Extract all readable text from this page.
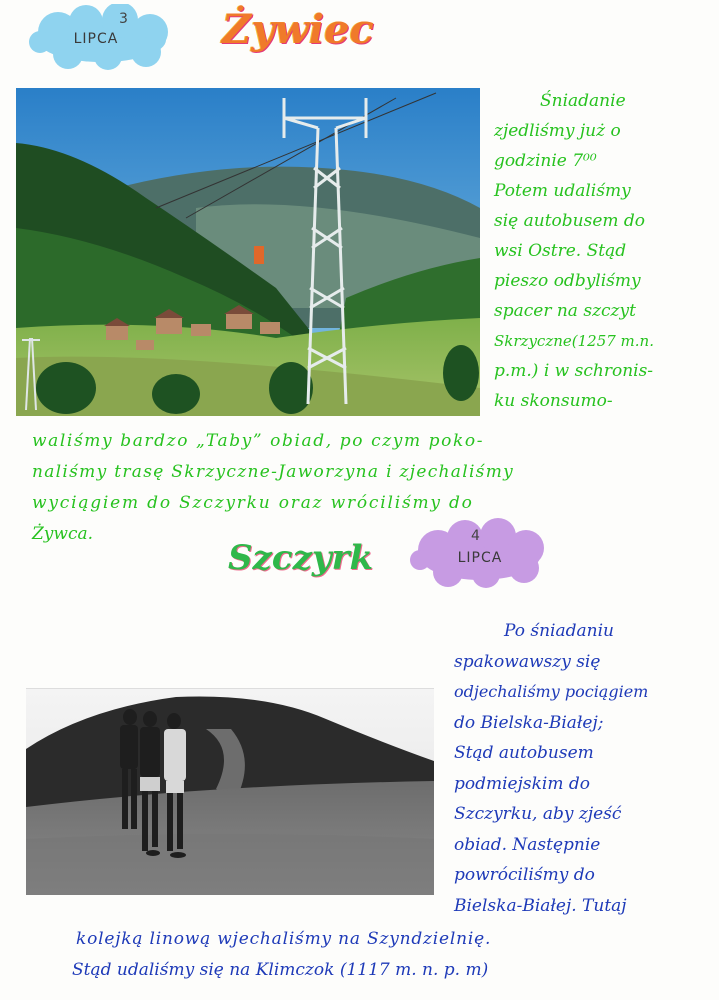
3
LIPCA	Żywiec
Śniadanie
zjedliśmy już o
godzinie 7⁰⁰
Potem udaliśmy
się autobusem do
wsi Ostre. Stąd
pieszo odbyliśmy
spacer na szczyt
Skrzyczne(1257 m.n.
p.m.) i w schronis-
ku skonsumo-
waliśmy bardzo „Taby” obiad, po czym poko-
naliśmy trasę Skrzyczne-Jaworzyna i zjechaliśmy
wyciągiem do Szczyrku oraz wróciliśmy do
Żywca.
Szczyrk
4
LIPCA
Po śniadaniu
spakowawszy się
odjechaliśmy pociągiem
do Bielska-Białej;
Stąd autobusem
podmiejskim do
Szczyrku, aby zjeść
obiad. Następnie
powróciliśmy do
Bielska-Białej. Tutaj
kolejką linową wjechaliśmy na Szyndzielnię.
Stąd udaliśmy się na Klimczok (1117 m. n. p. m)
